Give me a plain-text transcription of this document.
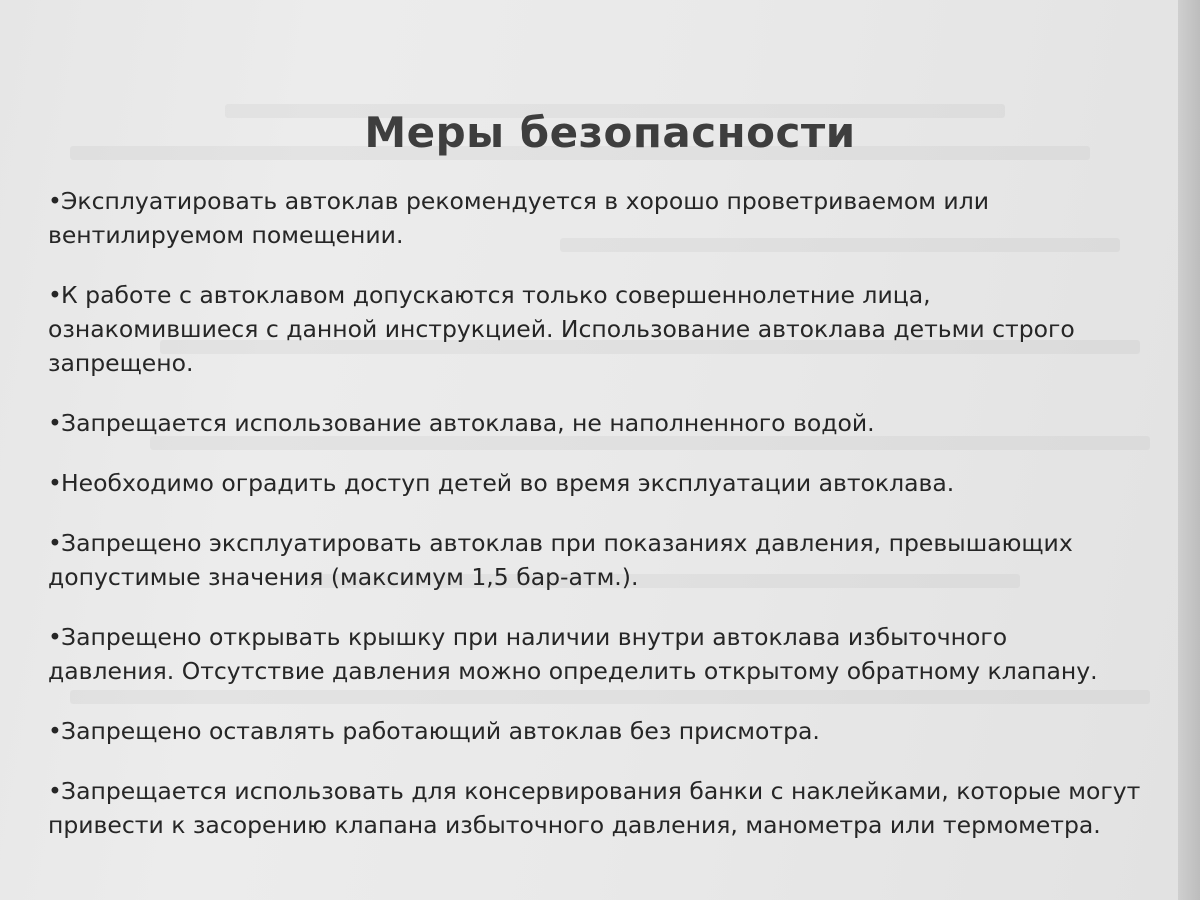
Меры безопасности
•Эксплуатировать автоклав рекомендуется в хорошо проветриваемом или
вентилируемом помещении.
•К работе с автоклавом допускаются только совершеннолетние лица,
ознакомившиеся с данной инструкцией. Использование автоклава детьми строго
запрещено.
•Запрещается использование автоклава, не наполненного водой.
•Необходимо оградить доступ детей во время эксплуатации автоклава.
•Запрещено эксплуатировать автоклав при показаниях давления, превышающих
допустимые значения (максимум 1,5 бар-атм.).
•Запрещено открывать крышку при наличии внутри автоклава избыточного
давления. Отсутствие давления можно определить открытому обратному клапану.
•Запрещено оставлять работающий автоклав без присмотра.
•Запрещается использовать для консервирования банки с наклейками, которые могут
привести к засорению клапана избыточного давления, манометра или термометра.
